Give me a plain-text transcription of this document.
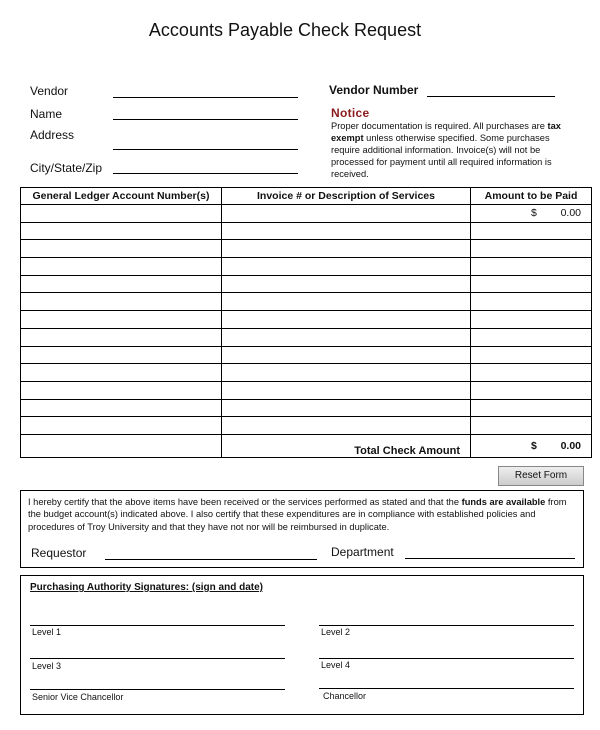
Accounts Payable Check Request
Vendor
Name
Address
City/State/Zip
Vendor Number
Notice
Proper documentation is required. All purchases are tax exempt unless otherwise specified. Some purchases require additional information. Invoice(s) will not be processed for payment until all required information is received.
General Ledger Account Number(s)	Invoice # or Description of Services	Amount to be Paid

		$ 0.00

	Total Check Amount	$ 0.00
Reset Form
I hereby certify that the above items have been received or the services performed as stated and that the funds are available from the budget account(s) indicated above. I also certify that these expenditures are in compliance with established policies and procedures of Troy University and that they have not nor will be reimbursed in duplicate.
Requestor	Department
Purchasing Authority Signatures: (sign and date)
Level 1	Level 2
Level 3	Level 4
Senior Vice Chancellor	Chancellor
